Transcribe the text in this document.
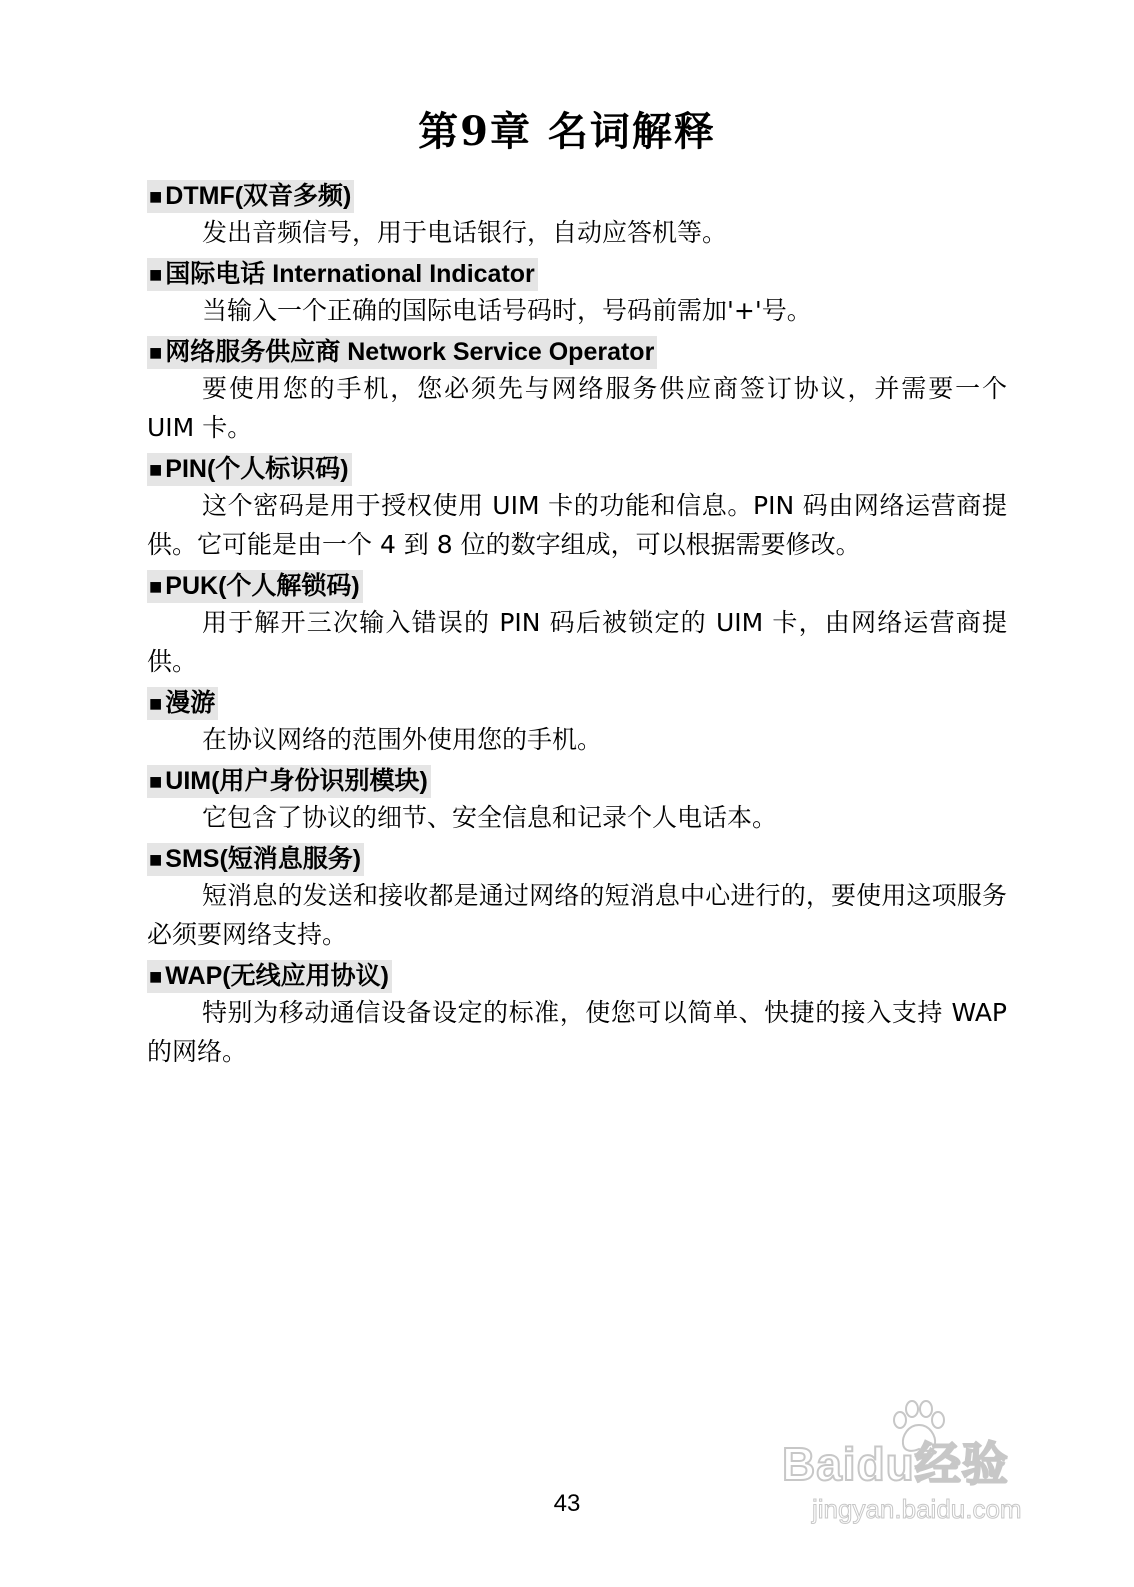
第9章 名词解释
■ DTMF(双音多频)

发出音频信号，用于电话银行，自动应答机等。

■ 国际电话 International Indicator

当输入一个正确的国际电话号码时，号码前需加'+'号。

■ 网络服务供应商 Network Service Operator

要使用您的手机，您必须先与网络服务供应商签订协议，并需要一个 UIM 卡。

■ PIN(个人标识码)

这个密码是用于授权使用 UIM 卡的功能和信息。PIN 码由网络运营商提供。它可能是由一个 4 到 8 位的数字组成，可以根据需要修改。

■ PUK(个人解锁码)

用于解开三次输入错误的 PIN 码后被锁定的 UIM 卡，由网络运营商提供。

■ 漫游

在协议网络的范围外使用您的手机。

■ UIM(用户身份识别模块)

它包含了协议的细节、安全信息和记录个人电话本。

■ SMS(短消息服务)

短消息的发送和接收都是通过网络的短消息中心进行的，要使用这项服务必须要网络支持。

■ WAP(无线应用协议)

特别为移动通信设备设定的标准，使您可以简单、快捷的接入支持 WAP 的网络。

Baidu经验
jingyan.baidu.com
43
